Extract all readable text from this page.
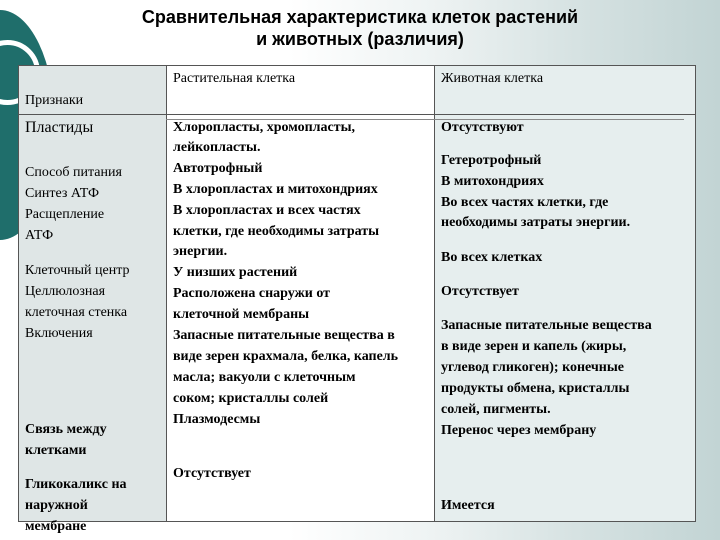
Сравнительная характеристика клеток растений
и животных (различия)
Признаки
Растительная клетка	Животная клетка
Пластиды
Способ питания
Синтез АТФ
Расщепление
АТФ
Клеточный центр
Целлюлозная
клеточная стенка
Включения
Связь между
клетками
Гликокаликс на
наружной
мембране
Хлоропласты, хромопласты,
лейкопласты.
Автотрофный
В хлоропластах и митохондриях
В хлоропластах и всех частях
клетки, где необходимы затраты
энергии.
У низших растений
Расположена снаружи от
клеточной мембраны
Запасные питательные вещества в
виде зерен крахмала, белка, капель
масла; вакуоли с клеточным
соком; кристаллы солей
Плазмодесмы
Отсутствует
Отсутствуют
Гетеротрофный
В митохондриях
Во всех частях клетки, где
необходимы затраты энергии.
Во всех клетках
Отсутствует
Запасные питательные вещества
в виде зерен и капель (жиры,
углевод гликоген); конечные
продукты обмена, кристаллы
солей, пигменты.
Перенос через мембрану
Имеется
